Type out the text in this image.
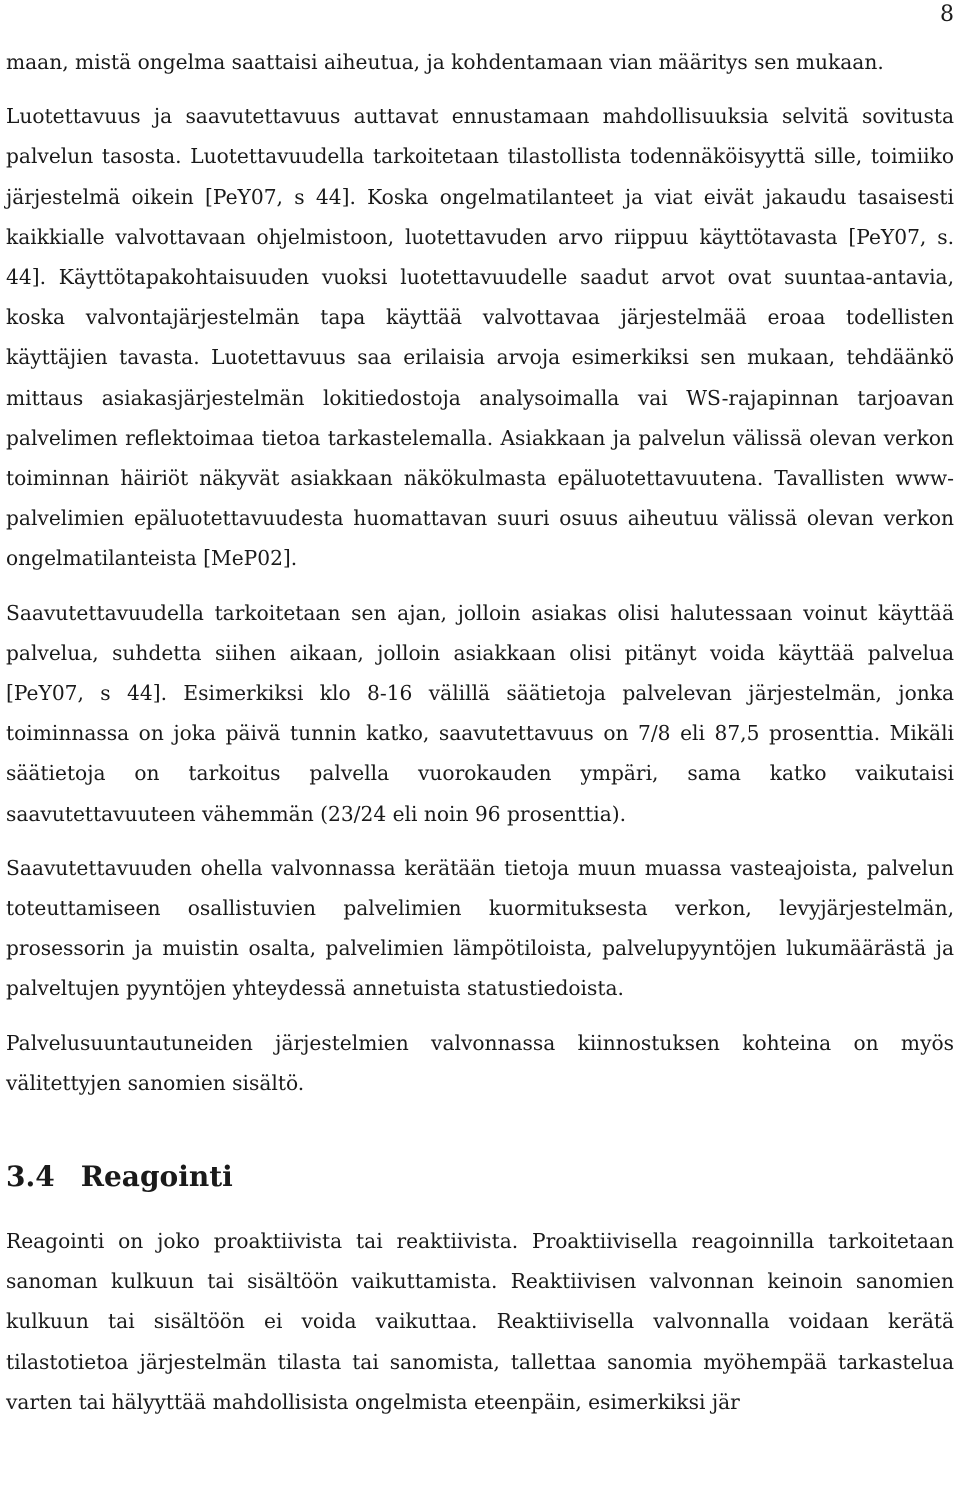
8

maan, mistä ongelma saattaisi aiheutua, ja kohdentamaan vian määritys sen mukaan.

Luotettavuus ja saavutettavuus auttavat ennustamaan mahdollisuuksia selvitä sovitusta palvelun tasosta. Luotettavuudella tarkoitetaan tilastollista todennäköisyyttä sille, toimiiko järjestelmä oikein [PeY07, s 44]. Koska ongelmatilanteet ja viat eivät jakaudu tasaisesti kaikkialle valvottavaan ohjelmistoon, luotettavuden arvo riippuu käyttötavasta [PeY07, s. 44]. Käyttötapakohtaisuuden vuoksi luotettavuudelle saadut arvot ovat suuntaa-antavia, koska valvontajärjestelmän tapa käyttää valvottavaa järjestelmää eroaa todellisten käyttäjien tavasta. Luotettavuus saa erilaisia arvoja esimerkiksi sen mukaan, tehdäänkö mittaus asiakasjärjestelmän lokitiedostoja analysoimalla vai WS-rajapinnan tarjoavan palvelimen reflektoimaa tietoa tarkastelemalla. Asiakkaan ja palvelun välissä olevan verkon toiminnan häiriöt näkyvät asiakkaan näkökulmasta epäluotettavuutena. Tavallisten www-palvelimien epäluotettavuudesta huomattavan suuri osuus aiheutuu välissä olevan verkon ongelmatilanteista [MeP02].

Saavutettavuudella tarkoitetaan sen ajan, jolloin asiakas olisi halutessaan voinut käyttää palvelua, suhdetta siihen aikaan, jolloin asiakkaan olisi pitänyt voida käyttää palvelua [PeY07, s 44]. Esimerkiksi klo 8-16 välillä säätietoja palvelevan järjestelmän, jonka toiminnassa on joka päivä tunnin katko, saavutettavuus on 7/8 eli 87,5 prosenttia. Mikäli säätietoja on tarkoitus palvella vuorokauden ympäri, sama katko vaikutaisi saavutettavuuteen vähemmän (23/24 eli noin 96 prosenttia).

Saavutettavuuden ohella valvonnassa kerätään tietoja muun muassa vasteajoista, palvelun toteuttamiseen osallistuvien palvelimien kuormituksesta verkon, levyjärjestelmän, prosessorin ja muistin osalta, palvelimien lämpötiloista, palvelupyyntöjen lukumäärästä ja palveltujen pyyntöjen yhteydessä annetuista statustiedoista.

Palvelusuuntautuneiden järjestelmien valvonnassa kiinnostuksen kohteina on myös välitettyjen sanomien sisältö.

3.4 Reagointi

Reagointi on joko proaktiivista tai reaktiivista. Proaktiivisella reagoinnilla tarkoitetaan sanoman kulkuun tai sisältöön vaikuttamista. Reaktiivisen valvonnan keinoin sanomien kulkuun tai sisältöön ei voida vaikuttaa. Reaktiivisella valvonnalla voidaan kerätä tilastotietoa järjestelmän tilasta tai sanomista, tallettaa sanomia myöhempää tarkastelua varten tai hälyyttää mahdollisista ongelmista eteenpäin, esimerkiksi jär
